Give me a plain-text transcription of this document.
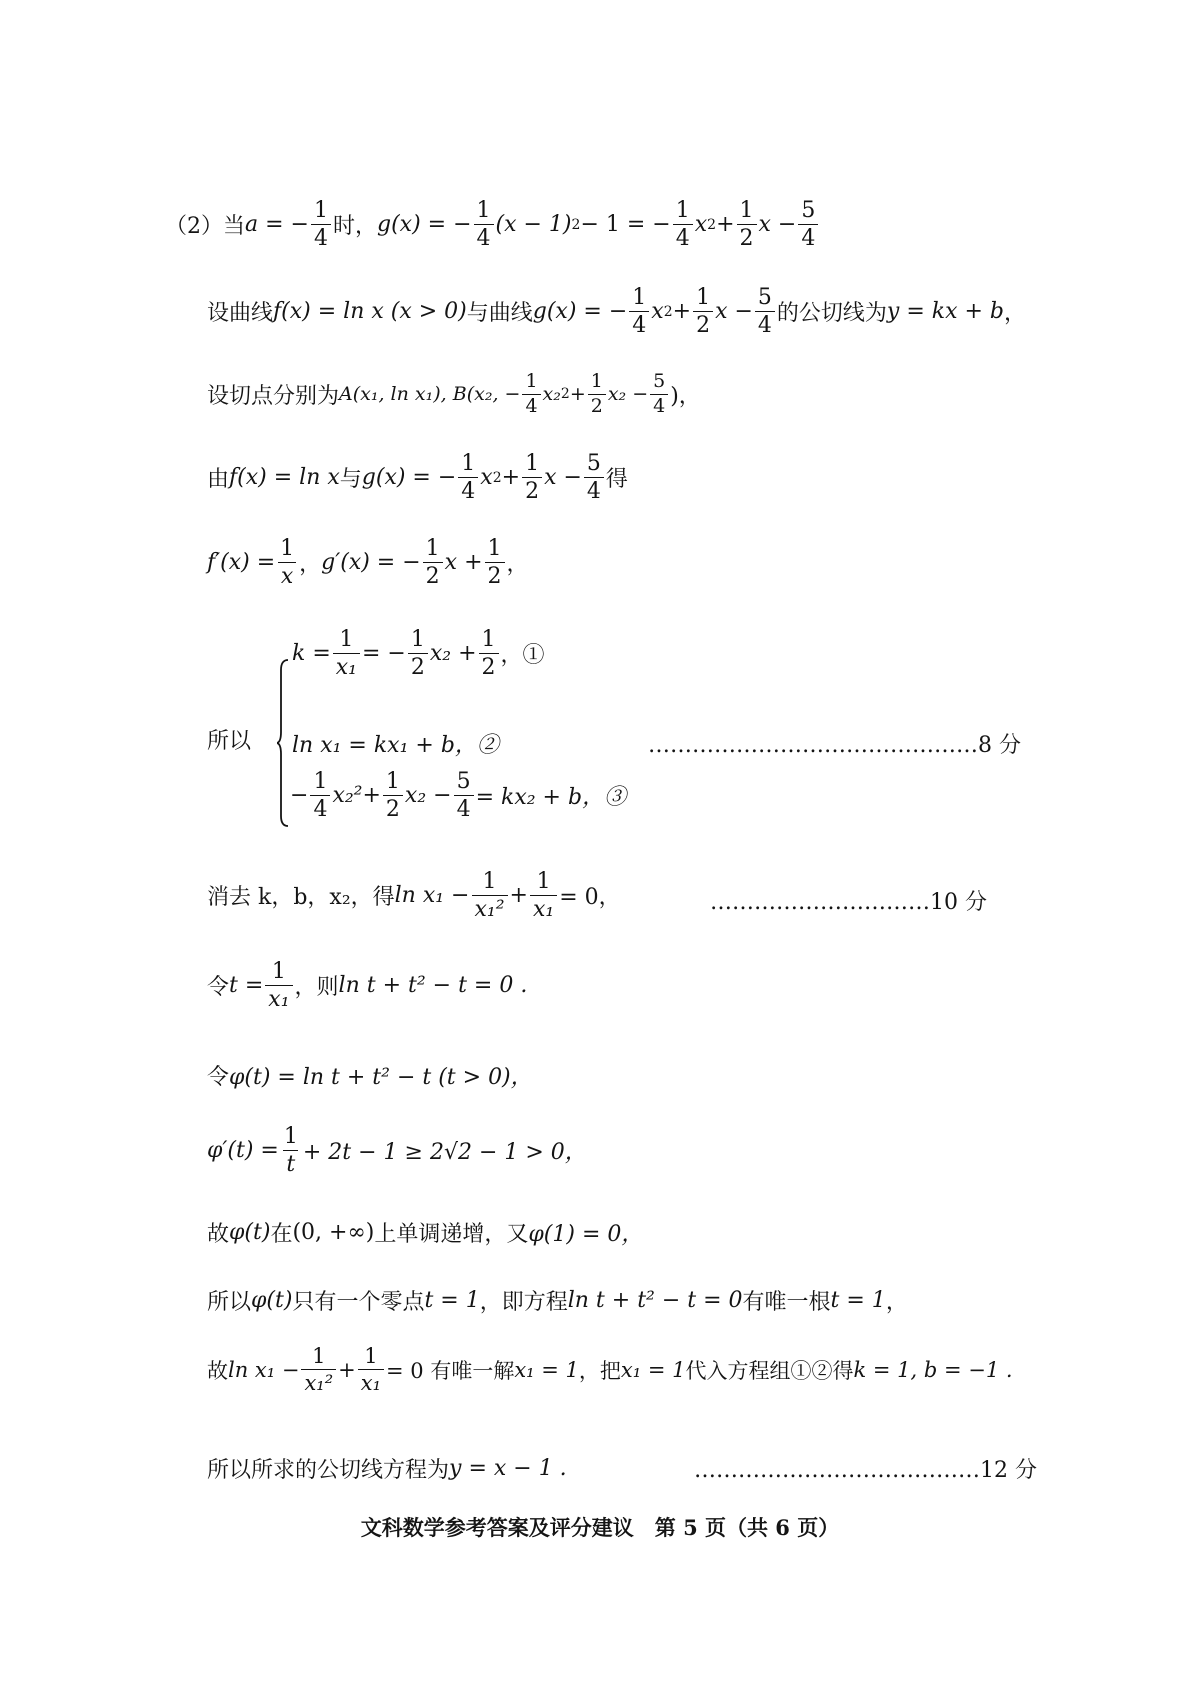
（2）当 a = − $\frac{1}{4}$ 时， g(x) = − $\frac{1}{4} (x - 1) 2 - 1$ = − $\frac{1}{4}$ x $2 + \frac{1}{2}$ $x - \frac{5}{4}$
设曲线 f(x) = ln x (x > 0) 与曲线 g(x) = − $\frac{1}{4}$ x $2 + \frac{1}{2}$ $x - \frac{5}{4}$ 的公切线为 y = kx + b ，
设切点分别为 A(x₁, ln x₁), B(x₂, − $\frac{1}{4} x_2$ $2 + \frac{1}{2} x_2 - \frac{5}{4}$ )，
由 f(x) = ln x 与 g(x) = − $\frac{1}{4}$ x $2 + \frac{1}{2}$ $x - \frac{5}{4}$ 得
$f'(x) = \frac{1}{x}$ ， g′(x) = − $\frac{1}{2}$ $x + \frac{1}{2}$ ，
所以
$k = \frac{1}{\text{x₁}}$ = − $\frac{1}{2} x_2 + \frac{1}{2}$ ，①
ln x₁ = kx₁ + b，②
− $\frac{1}{4} x_2^2 + \frac{1}{2} x_2 - \frac{5}{4} = kx_2 + b$，③
………………………………………8 分
消去 k，b，x₂，得 $\ln x_1 - \frac{1}{\text{x₁²}} + \frac{1}{\text{x₁}} = 0$，	…………………………10 分
令 $t = \frac{1}{\text{x₁}}$ ，则 ln t + t² − t = 0 .
令 φ(t) = ln t + t² − t (t > 0)，
$\varphi'(t) = \frac{1}{t} + 2t - 1 \ge 2√2 - 1 > 0$，
故 φ(t) 在 (0, +∞) 上单调递增，又 φ(1) = 0，
所以 φ(t) 只有一个零点 t = 1 ，即方程 ln t + t² − t = 0 有唯一根 t = 1 ，
故 $\ln x_1 - \frac{1}{\text{x₁²}} + \frac{1}{\text{x₁}} = 0$ 有唯一解 x₁ = 1 ，把 x₁ = 1 代入方程组①②得 k = 1, b = −1 .
所以所求的公切线方程为 y = x − 1 .	…………………………………12 分
文科数学参考答案及评分建议　第 5 页（共 6 页）
